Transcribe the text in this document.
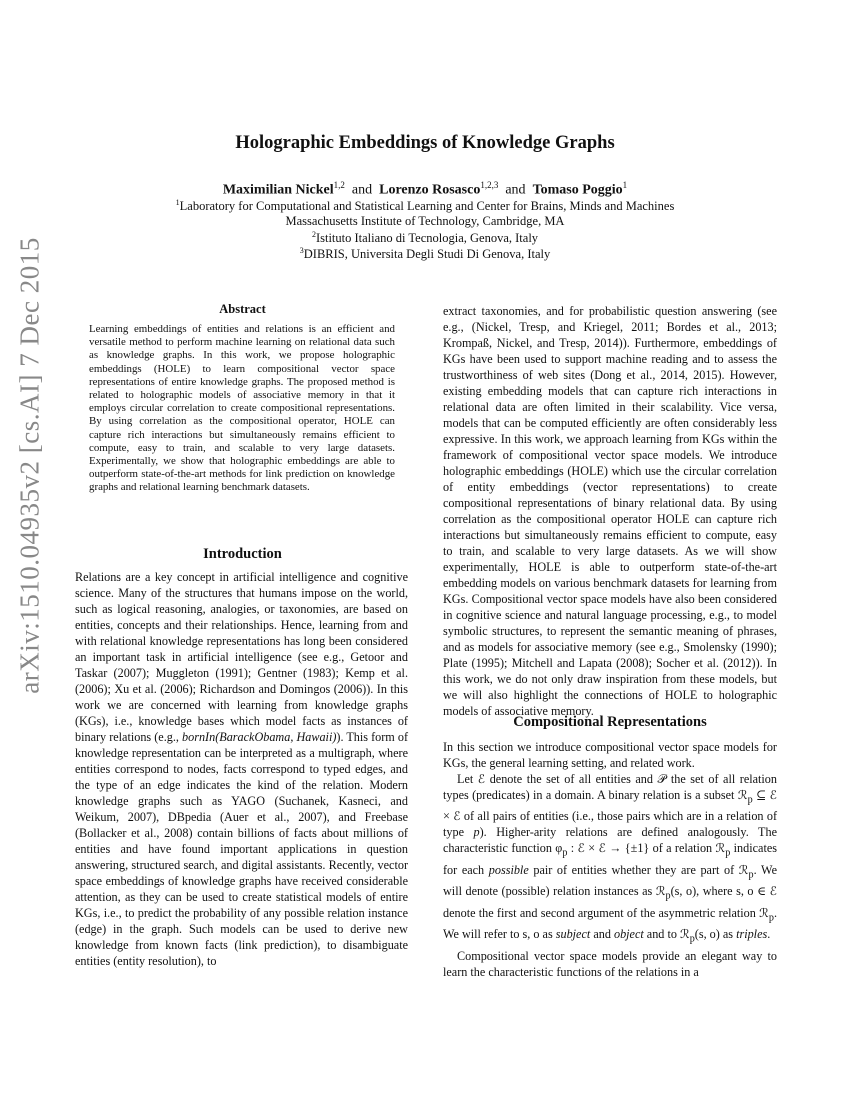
arXiv:1510.04935v2 [cs.AI] 7 Dec 2015
Holographic Embeddings of Knowledge Graphs
Maximilian Nickel$^{1,2}$ and Lorenzo Rosasco$^{1,2,3}$ and Tomaso Poggio$^1$
$^1$Laboratory for Computational and Statistical Learning and Center for Brains, Minds and Machines
Massachusetts Institute of Technology, Cambridge, MA
$^2$Istituto Italiano di Tecnologia, Genova, Italy
$^3$DIBRIS, Universita Degli Studi Di Genova, Italy
Abstract
Learning embeddings of entities and relations is an efficient and versatile method to perform machine learning on relational data such as knowledge graphs. In this work, we propose holographic embeddings (HOLE) to learn compositional vector space representations of entire knowledge graphs. The proposed method is related to holographic models of associative memory in that it employs circular correlation to create compositional representations. By using correlation as the compositional operator, HOLE can capture rich interactions but simultaneously remains efficient to compute, easy to train, and scalable to very large datasets. Experimentally, we show that holographic embeddings are able to outperform state-of-the-art methods for link prediction on knowledge graphs and relational learning benchmark datasets.
Introduction

Relations are a key concept in artificial intelligence and cognitive science. Many of the structures that humans impose on the world, such as logical reasoning, analogies, or taxonomies, are based on entities, concepts and their relationships. Hence, learning from and with relational knowledge representations has long been considered an important task in artificial intelligence (see e.g., Getoor and Taskar (2007); Muggleton (1991); Gentner (1983); Kemp et al. (2006); Xu et al. (2006); Richardson and Domingos (2006)). In this work we are concerned with learning from knowledge graphs (KGs), i.e., knowledge bases which model facts as instances of binary relations (e.g., bornIn(BarackObama, Hawaii)). This form of knowledge representation can be interpreted as a multigraph, where entities correspond to nodes, facts correspond to typed edges, and the type of an edge indicates the kind of the relation. Modern knowledge graphs such as YAGO (Suchanek, Kasneci, and Weikum, 2007), DBpedia (Auer et al., 2007), and Freebase (Bollacker et al., 2008) contain billions of facts about millions of entities and have found important applications in question answering, structured search, and digital assistants. Recently, vector space embeddings of knowledge graphs have received considerable attention, as they can be used to create statistical models of entire KGs, i.e., to predict the probability of any possible relation instance (edge) in the graph. Such models can be used to derive new knowledge from known facts (link prediction), to disambiguate entities (entity resolution), to

extract taxonomies, and for probabilistic question answering (see e.g., (Nickel, Tresp, and Kriegel, 2011; Bordes et al., 2013; Krompaß, Nickel, and Tresp, 2014)). Furthermore, embeddings of KGs have been used to support machine reading and to assess the trustworthiness of web sites (Dong et al., 2014, 2015). However, existing embedding models that can capture rich interactions in relational data are often limited in their scalability. Vice versa, models that can be computed efficiently are often considerably less expressive. In this work, we approach learning from KGs within the framework of compositional vector space models. We introduce holographic embeddings (HOLE) which use the circular correlation of entity embeddings (vector representations) to create compositional representations of binary relational data. By using correlation as the compositional operator HOLE can capture rich interactions but simultaneously remains efficient to compute, easy to train, and scalable to very large datasets. As we will show experimentally, HOLE is able to outperform state-of-the-art embedding models on various benchmark datasets for learning from KGs. Compositional vector space models have also been considered in cognitive science and natural language processing, e.g., to model symbolic structures, to represent the semantic meaning of phrases, and as models for associative memory (see e.g., Smolensky (1990); Plate (1995); Mitchell and Lapata (2008); Socher et al. (2012)). In this work, we do not only draw inspiration from these models, but we will also highlight the connections of HOLE to holographic models of associative memory.

Compositional Representations

In this section we introduce compositional vector space models for KGs, the general learning setting, and related work.

Let ℰ denote the set of all entities and 𝒫 the set of all relation types (predicates) in a domain. A binary relation is a subset ℛ$_p$ ⊆ ℰ × ℰ of all pairs of entities (i.e., those pairs which are in a relation of type p). Higher-arity relations are defined analogously. The characteristic function $\varphi_p$ : ℰ × ℰ → {±1} of a relation ℛ$_p$ indicates for each possible pair of entities whether they are part of ℛ$_p$. We will denote (possible) relation instances as ℛ$_p$(s, o), where s, o ∈ ℰ denote the first and second argument of the asymmetric relation ℛ$_p$. We will refer to s, o as subject and object and to ℛ$_p$(s, o) as triples.

Compositional vector space models provide an elegant way to learn the characteristic functions of the relations in a
